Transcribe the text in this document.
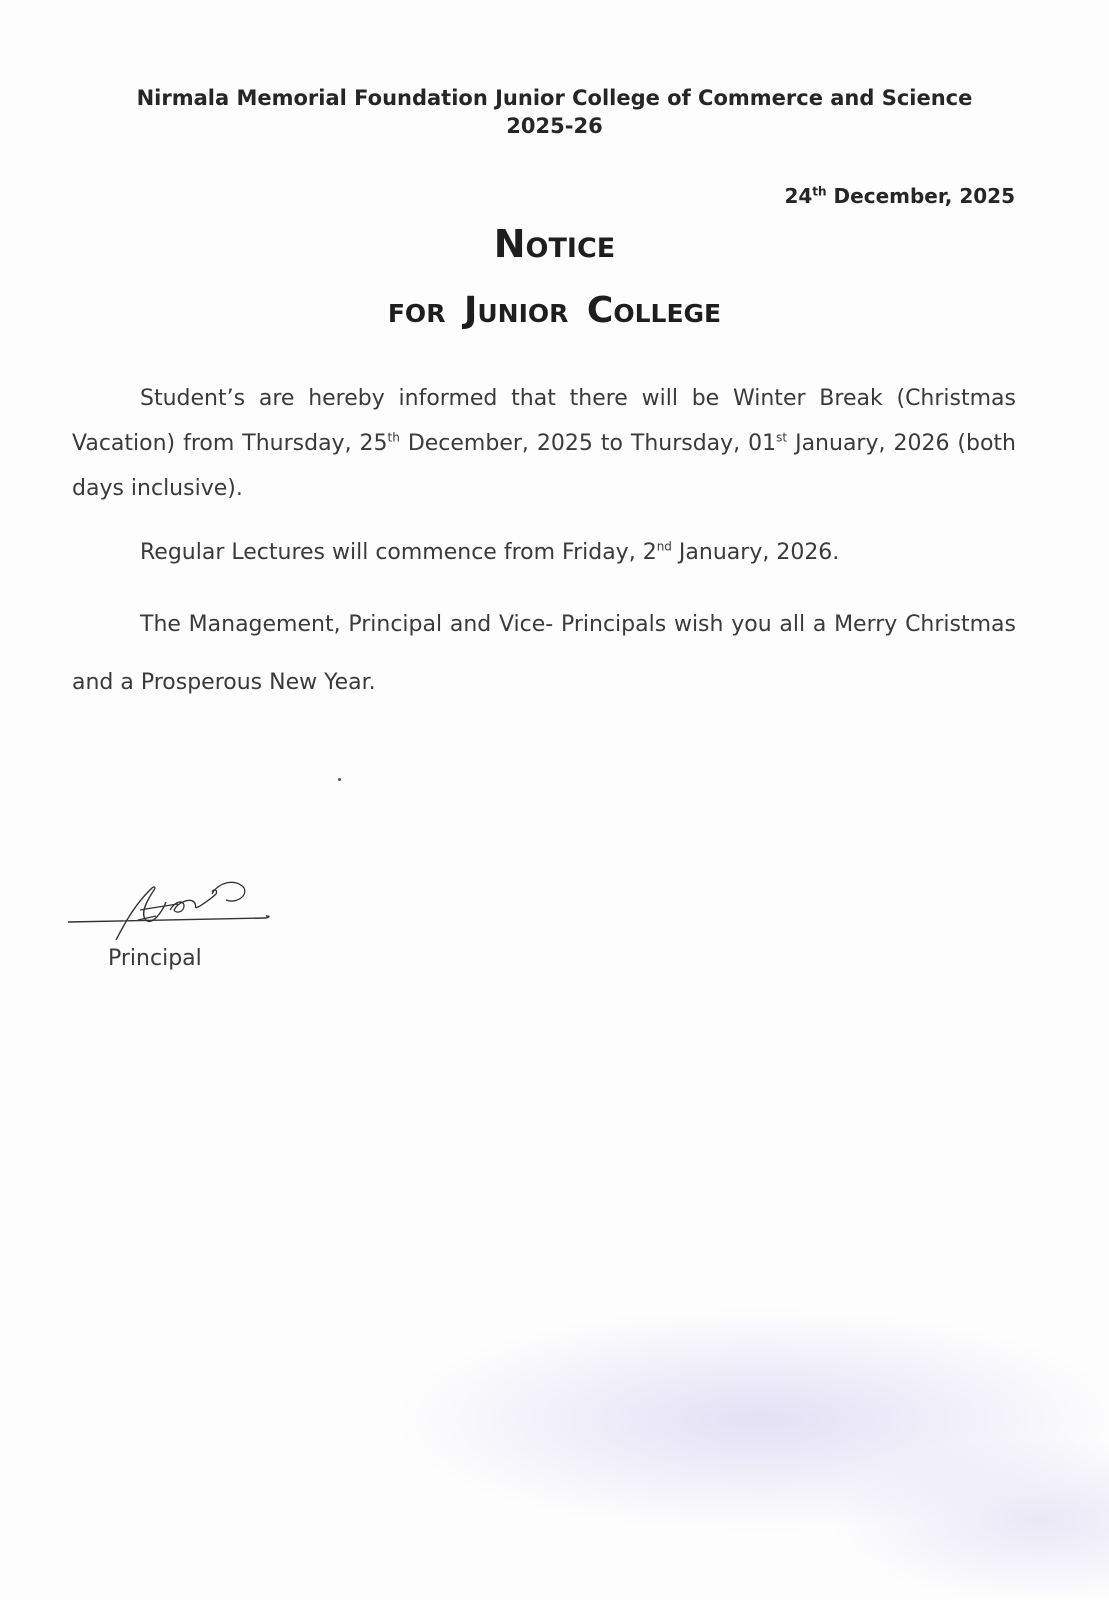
Nirmala Memorial Foundation Junior College of Commerce and Science
2025-26
24th December, 2025
Notice
for Junior College
Student’s are hereby informed that there will be Winter Break (Christmas Vacation) from Thursday, 25th December, 2025 to Thursday, 01st January, 2026 (both days inclusive).
Regular Lectures will commence from Friday, 2nd January, 2026.
The Management, Principal and Vice- Principals wish you all a Merry Christmas and a Prosperous New Year.
Principal
